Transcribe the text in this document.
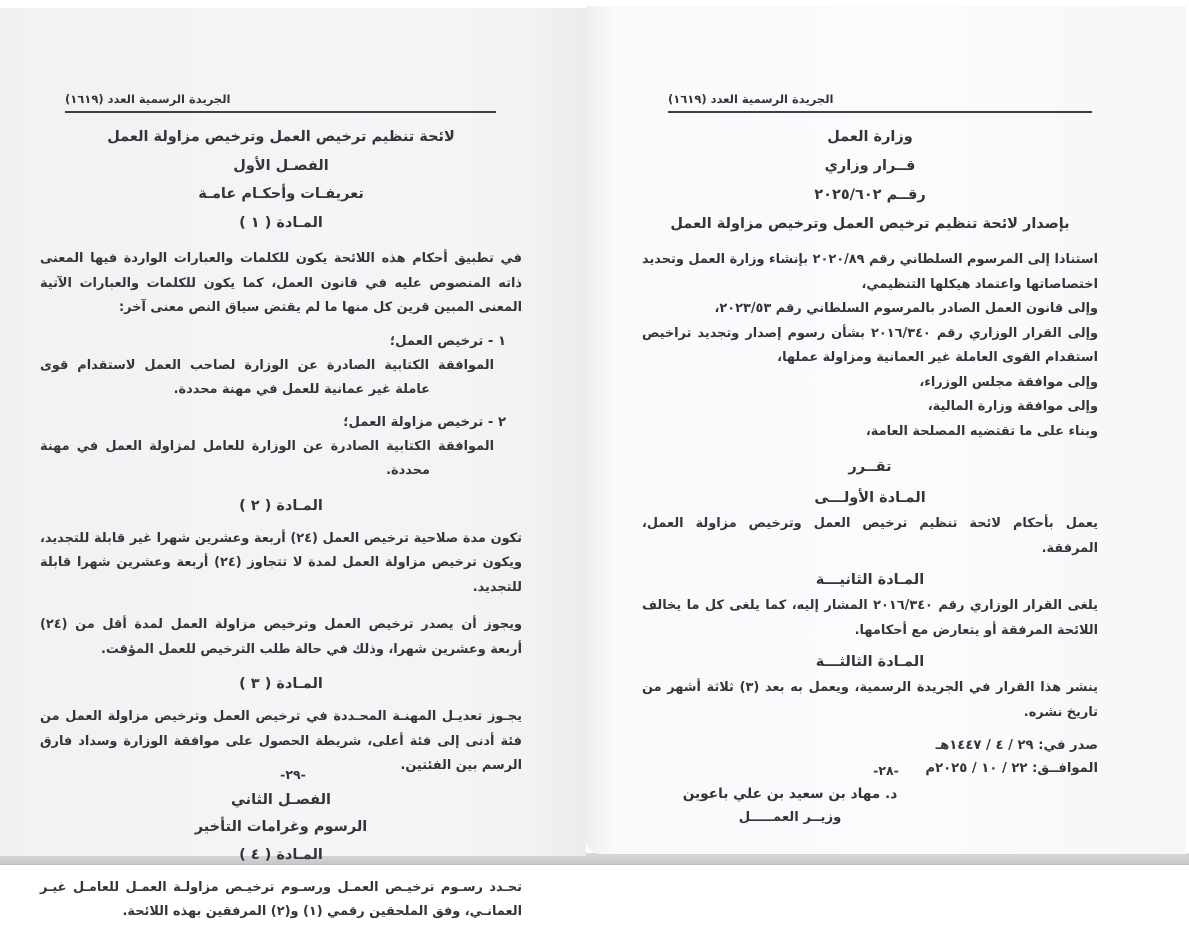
الجريدة الرسمية العدد (١٦١٩)
لائحة تنظيم ترخيص العمل وترخيص مزاولة العمل
الفصـل الأول
تعريفـات وأحكـام عامـة
المـادة ( ١ )

في تطبيق أحكام هذه اللائحة يكون للكلمات والعبارات الواردة فيها المعنى ذاته المنصوص عليه في قانون العمل، كما يكون للكلمات والعبارات الآتية المعنى المبين قرين كل منها ما لم يقتض سياق النص معنى آخر:

١ - ترخيص العمل؛

الموافقة الكتابية الصادرة عن الوزارة لصاحب العمل لاستقدام قوى عاملة غير عمانية للعمل في مهنة محددة.

٢ - ترخيص مزاولة العمل؛

الموافقة الكتابية الصادرة عن الوزارة للعامل لمزاولة العمل في مهنة محددة.

المـادة ( ٢ )

تكون مدة صلاحية ترخيص العمل (٢٤) أربعة وعشرين شهرا غير قابلة للتجديد، ويكون ترخيص مزاولة العمل لمدة لا تتجاوز (٢٤) أربعة وعشرين شهرا قابلة للتجديد.

ويجوز أن يصدر ترخيص العمل وترخيص مزاولة العمل لمدة أقل من (٢٤) أربعة وعشرين شهرا، وذلك في حالة طلب الترخيص للعمل المؤقت.

المـادة ( ٣ )

يجـوز تعديـل المهنـة المحـددة في ترخيص العمل وترخيص مزاولة العمل من فئة أدنى إلى فئة أعلى، شريطة الحصول على موافقة الوزارة وسداد فارق الرسم بين الفئتين.

الفصـل الثاني
الرسوم وغرامات التأخير
المـادة ( ٤ )

تحـدد رسـوم ترخيـص العمـل ورسـوم ترخيـص مزاولـة العمـل للعامـل غيـر العمانـي، وفق الملحقين رقمي (١) و(٢) المرفقين بهذه اللائحة.

-٢٩-
الجريدة الرسمية العدد (١٦١٩)
وزارة العمل
قــرار وزاري
رقــم ٢٠٢٥/٦٠٢
بإصدار لائحة تنظيم ترخيص العمل وترخيص مزاولة العمل

استنادا إلى المرسوم السلطاني رقم ٢٠٢٠/٨٩ بإنشاء وزارة العمل وتحديد اختصاصاتها واعتماد هيكلها التنظيمي،

وإلى قانون العمل الصادر بالمرسوم السلطاني رقم ٢٠٢٣/٥٣،

وإلى القرار الوزاري رقم ٢٠١٦/٣٤٠ بشأن رسوم إصدار وتجديد تراخيص استقدام القوى العاملة غير العمانية ومزاولة عملها،

وإلى موافقة مجلس الوزراء،

وإلى موافقة وزارة المالية،

وبناء على ما تقتضيه المصلحة العامة،

تقــرر
المـادة الأولـــى

يعمل بأحكام لائحة تنظيم ترخيص العمل وترخيص مزاولة العمل، المرفقة.

المـادة الثانيـــة

يلغى القرار الوزاري رقم ٢٠١٦/٣٤٠ المشار إليه، كما يلغى كل ما يخالف اللائحة المرفقة أو يتعارض مع أحكامها.

المـادة الثالثـــة

ينشر هذا القرار في الجريدة الرسمية، ويعمل به بعد (٣) ثلاثة أشهر من تاريخ نشره.

صدر في: ٢٩ / ٤ / ١٤٤٧هـ
الموافــق: ٢٢ / ١٠ / ٢٠٢٥م
د. مهاد بن سعيد بن علي باعوين
وزيــر العمـــــل
-٢٨-
